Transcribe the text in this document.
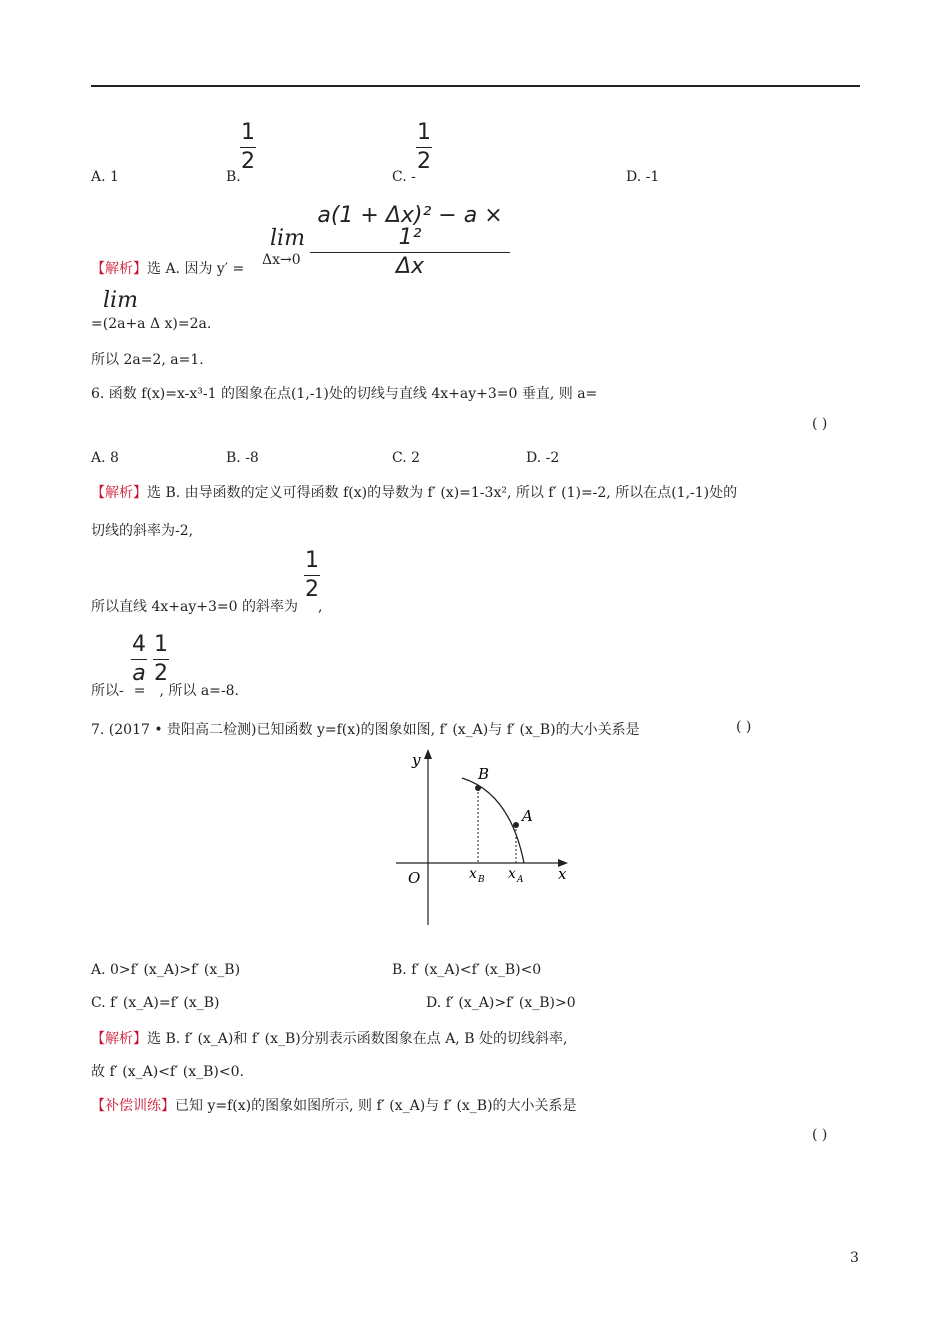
A. 1	B.
1
2
C. -
1
2
D. -1
【解析】选 A. 因为 y′ =
lim
Δx→0
a(1 + Δx)² − a × 1²
Δx
lim
=(2a+a Δ x)=2a.
所以 2a=2, a=1.
6. 函数 f(x)=x-x³-1 的图象在点(1,-1)处的切线与直线 4x+ay+3=0 垂直, 则 a=
( )
A. 8	B. -8	C. 2	D. -2
【解析】选 B. 由导函数的定义可得函数 f(x)的导数为 f′ (x)=1-3x², 所以 f′ (1)=-2, 所以在点(1,-1)处的
切线的斜率为-2,
所以直线 4x+ay+3=0 的斜率为 ,
1
2
所以- = , 所以 a=-8.
4
a
1
2
7. (2017 • 贵阳高二检测)已知函数 y=f(x)的图象如图, f′ (x_A)与 f′ (x_B)的大小关系是	( )
y
x
O
B
A
x B x A
A. 0>f′ (x_A)>f′ (x_B)	B. f′ (x_A)<f′ (x_B)<0
C. f′ (x_A)=f′ (x_B)	D. f′ (x_A)>f′ (x_B)>0
【解析】选 B. f′ (x_A)和 f′ (x_B)分别表示函数图象在点 A, B 处的切线斜率,
故 f′ (x_A)<f′ (x_B)<0.
【补偿训练】已知 y=f(x)的图象如图所示, 则 f′ (x_A)与 f′ (x_B)的大小关系是
( )
3
